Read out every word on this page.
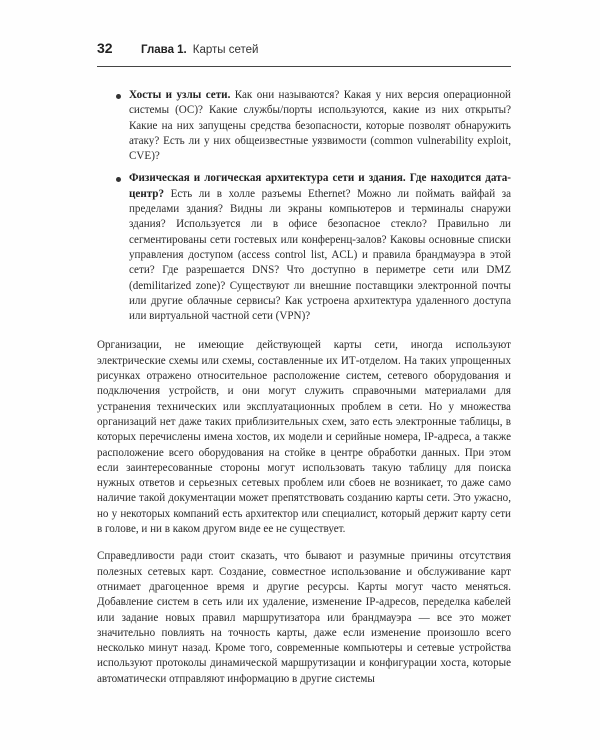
32	Глава 1. Карты сетей
Хосты и узлы сети. Как они называются? Какая у них версия операционной системы (ОС)? Какие службы/порты используются, какие из них открыты? Какие на них запущены средства безопасности, которые позволят обнаружить атаку? Есть ли у них общеизвестные уязвимости (common vulnerability exploit, CVE)?
Физическая и логическая архитектура сети и здания. Где находится дата-центр? Есть ли в холле разъемы Ethernet? Можно ли поймать вайфай за пределами здания? Видны ли экраны компьютеров и терминалы снаружи здания? Используется ли в офисе безопасное стекло? Правильно ли сегментированы сети гостевых или конференц-залов? Каковы основные списки управления доступом (access control list, ACL) и правила брандмауэра в этой сети? Где разрешается DNS? Что доступно в периметре сети или DMZ (demilitarized zone)? Существуют ли внешние поставщики электронной почты или другие облачные сервисы? Как устроена архитектура удаленного доступа или виртуальной частной сети (VPN)?

Организации, не имеющие действующей карты сети, иногда используют электрические схемы или схемы, составленные их ИТ-отделом. На таких упрощенных рисунках отражено относительное расположение систем, сетевого оборудования и подключения устройств, и они могут служить справочными материалами для устранения технических или эксплуатационных проблем в сети. Но у множества организаций нет даже таких приблизительных схем, зато есть электронные таблицы, в которых перечислены имена хостов, их модели и серийные номера, IP-адреса, а также расположение всего оборудования на стойке в центре обработки данных. При этом если заинтересованные стороны могут использовать такую таблицу для поиска нужных ответов и серьезных сетевых проблем или сбоев не возникает, то даже само наличие такой документации может препятствовать созданию карты сети. Это ужасно, но у некоторых компаний есть архитектор или специалист, который держит карту сети в голове, и ни в каком другом виде ее не существует.

Справедливости ради стоит сказать, что бывают и разумные причины отсутствия полезных сетевых карт. Создание, совместное использование и обслуживание карт отнимает драгоценное время и другие ресурсы. Карты могут часто меняться. Добавление систем в сеть или их удаление, изменение IP-адресов, переделка кабелей или задание новых правил маршрутизатора или брандмауэра — все это может значительно повлиять на точность карты, даже если изменение произошло всего несколько минут назад. Кроме того, современные компьютеры и сетевые устройства используют протоколы динамической маршрутизации и конфигурации хоста, которые автоматически отправляют информацию в другие системы
